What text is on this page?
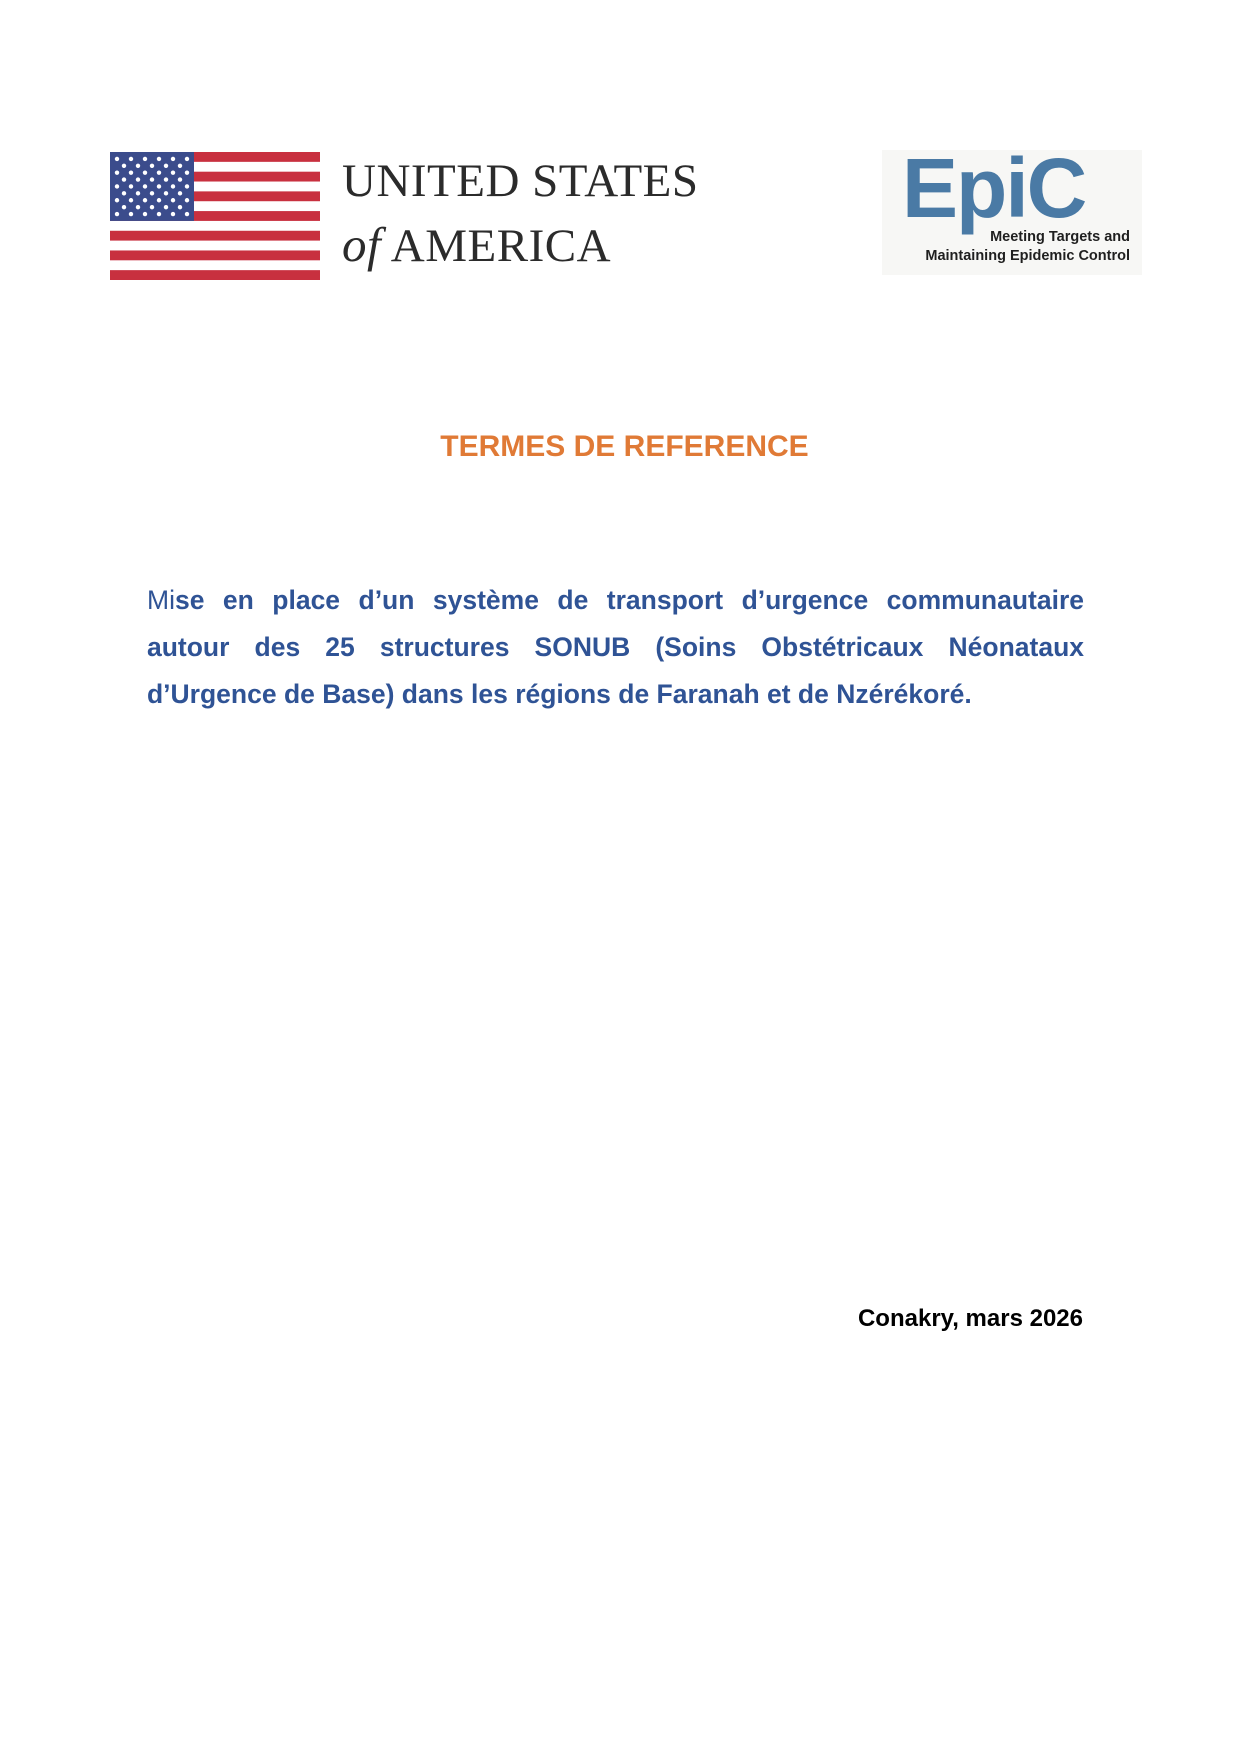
UNITED STATES
of AMERICA
EpiC
Meeting Targets and
Maintaining Epidemic Control
TERMES DE REFERENCE

Mise en place d’un système de transport d’urgence communautaire autour des 25 structures SONUB (Soins Obstétricaux Néonataux d’Urgence de Base) dans les régions de Faranah et de Nzérékoré.

Conakry, mars 2026
